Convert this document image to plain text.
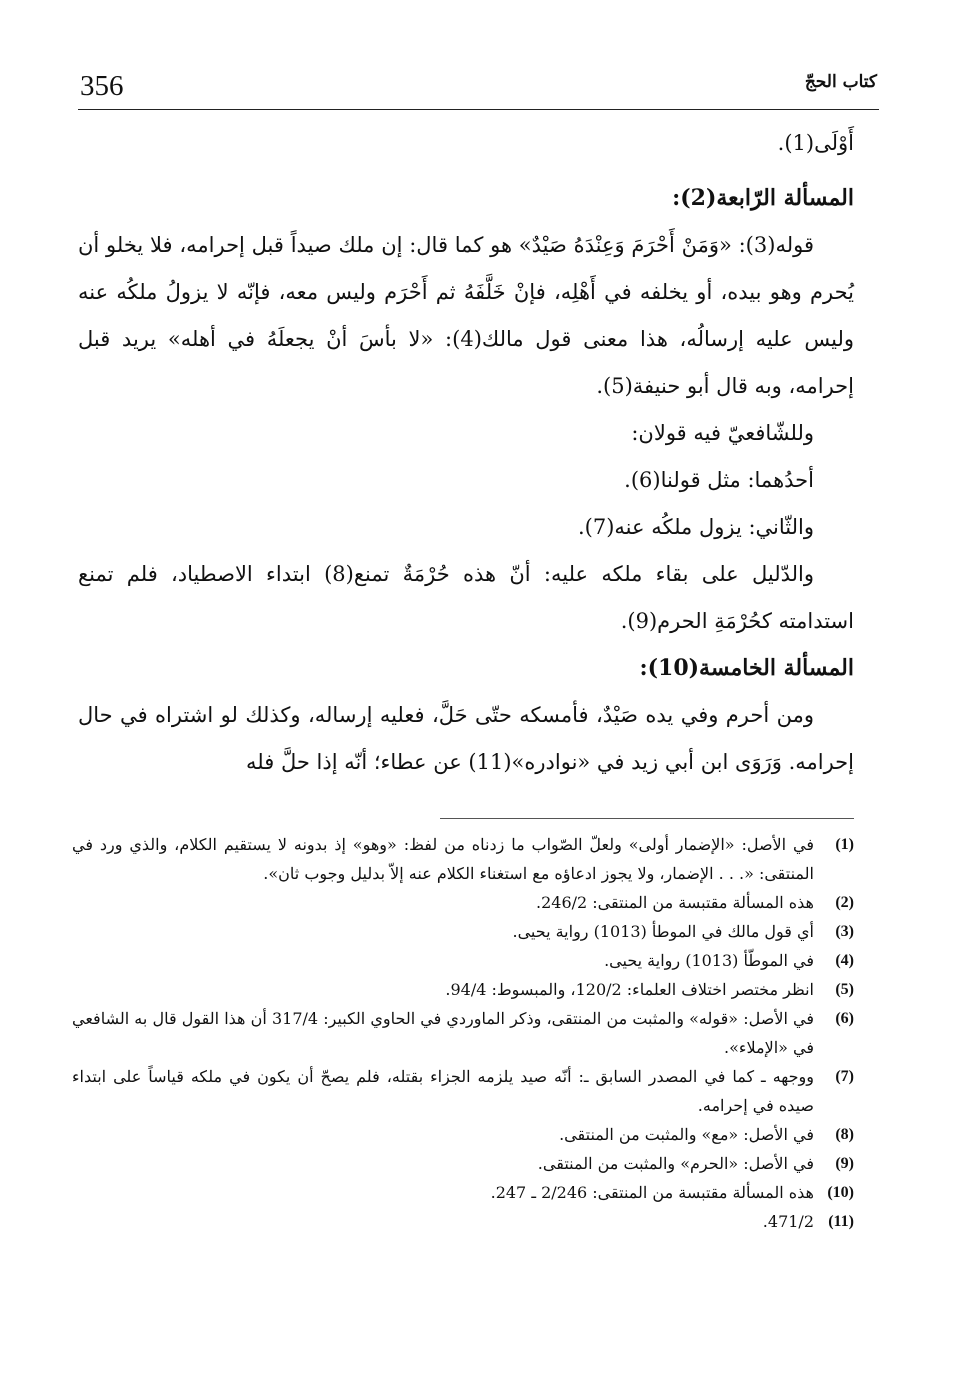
356	كتاب الحجّ

أَوْلَى(1).

المسألة الرّابعة(2):

قوله(3): «وَمَنْ أَحْرَمَ وَعِنْدَهُ صَيْدٌ» هو كما قال: إن ملك صيداً قبل إحرامه، فلا يخلو أن يُحرم وهو بيده، أو يخلفه في أَهْلِه، فإنْ خَلَّفَهُ ثم أَحْرَم وليس معه، فإنّه لا يزولُ ملكُه عنه وليس عليه إرسالُه، هذا معنى قول مالك(4): «لا بأسَ أنْ يجعلَهُ في أهله» يريد قبل إحرامه، وبه قال أبو حنيفة(5).

وللشّافعيّ فيه قولان:

أحدُهما: مثل قولنا(6).

والثّاني: يزول ملكُه عنه(7).

والدّليل على بقاء ملكه عليه: أنّ هذه حُرْمَةٌ تمنع(8) ابتداء الاصطياد، فلم تمنع استدامته كحُرْمَةِ الحرم(9).

المسألة الخامسة(10):

ومن أحرم وفي يده صَيْدٌ، فأمسكه حتّى حَلَّ، فعليه إرساله، وكذلك لو اشتراه في حال إحرامه. وَرَوَى ابن أبي زيد في «نوادره»(11) عن عطاء؛ أنّه إذا حلَّ فله

(1)
في الأصل: «الإضمار أولى» ولعلّ الصّواب ما زدناه من لفظ: «وهو» إذ بدونه لا يستقيم الكلام، والذي ورد في المنتقى: «. . . الإضمار، ولا يجوز ادعاؤه مع استغناء الكلام عنه إلاّ بدليل وجوب ثان».
(2)
هذه المسألة مقتبسة من المنتقى: 246/2.
(3)
أي قول مالك في الموطأ (1013) رواية يحيى.
(4)
في الموطّأ (1013) رواية يحيى.
(5)
انظر مختصر اختلاف العلماء: 120/2، والمبسوط: 94/4.
(6)
في الأصل: «قوله» والمثبت من المنتقى، وذكر الماوردي في الحاوي الكبير: 317/4 أن هذا القول قال به الشافعي في «الإملاء».
(7)
ووجهه ـ كما في المصدر السابق ـ: أنّه صيد يلزمه الجزاء بقتله، فلم يصحّ أن يكون في ملكه قياساً على ابتداء صيده في إحرامه.
(8)
في الأصل: «مع» والمثبت من المنتقى.
(9)
في الأصل: «الحرم» والمثبت من المنتقى.
(10)
هذه المسألة مقتبسة من المنتقى: 2/246 ـ 247.
(11)
471/2.
